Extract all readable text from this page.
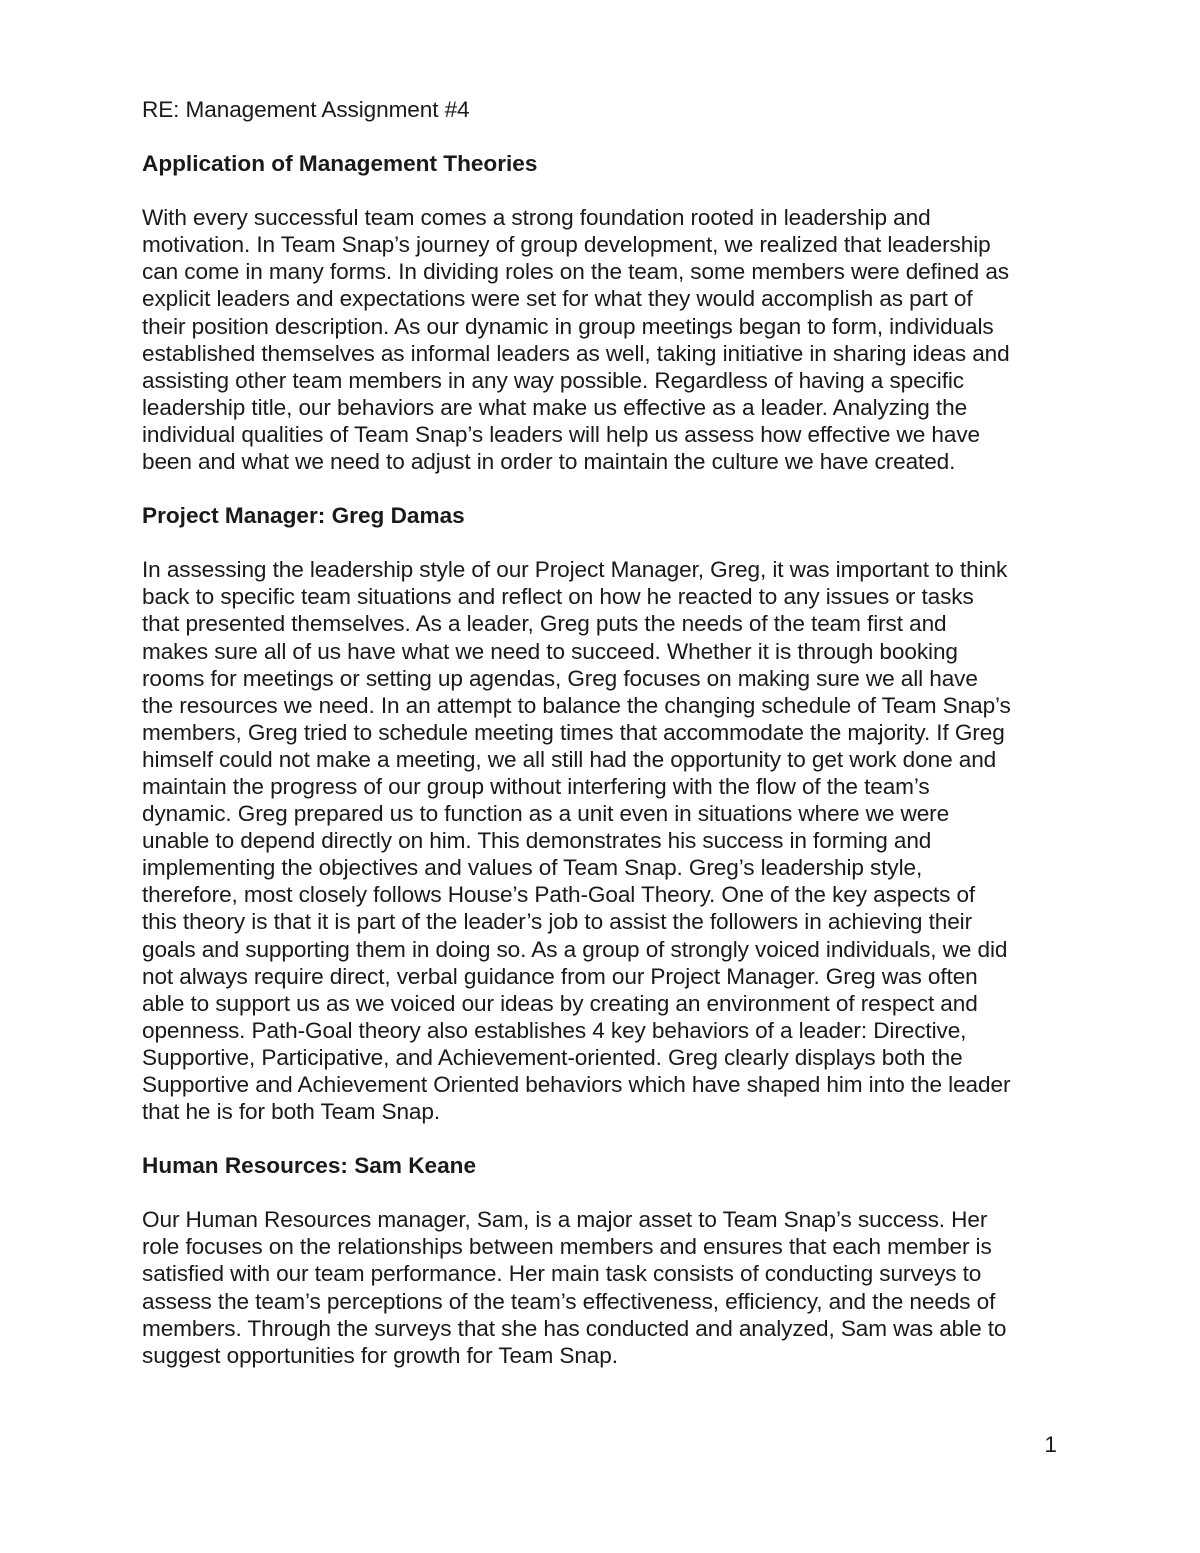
RE: Management Assignment #4
Application of Management Theories
With every successful team comes a strong foundation rooted in leadership and
motivation. In Team Snap’s journey of group development, we realized that leadership
can come in many forms. In dividing roles on the team, some members were defined as
explicit leaders and expectations were set for what they would accomplish as part of
their position description. As our dynamic in group meetings began to form, individuals
established themselves as informal leaders as well, taking initiative in sharing ideas and
assisting other team members in any way possible. Regardless of having a specific
leadership title, our behaviors are what make us effective as a leader. Analyzing the
individual qualities of Team Snap’s leaders will help us assess how effective we have
been and what we need to adjust in order to maintain the culture we have created.
Project Manager: Greg Damas
In assessing the leadership style of our Project Manager, Greg, it was important to think
back to specific team situations and reflect on how he reacted to any issues or tasks
that presented themselves. As a leader, Greg puts the needs of the team first and
makes sure all of us have what we need to succeed. Whether it is through booking
rooms for meetings or setting up agendas, Greg focuses on making sure we all have
the resources we need. In an attempt to balance the changing schedule of Team Snap’s
members, Greg tried to schedule meeting times that accommodate the majority. If Greg
himself could not make a meeting, we all still had the opportunity to get work done and
maintain the progress of our group without interfering with the flow of the team’s
dynamic. Greg prepared us to function as a unit even in situations where we were
unable to depend directly on him. This demonstrates his success in forming and
implementing the objectives and values of Team Snap. Greg’s leadership style,
therefore, most closely follows House’s Path-Goal Theory. One of the key aspects of
this theory is that it is part of the leader’s job to assist the followers in achieving their
goals and supporting them in doing so. As a group of strongly voiced individuals, we did
not always require direct, verbal guidance from our Project Manager. Greg was often
able to support us as we voiced our ideas by creating an environment of respect and
openness. Path-Goal theory also establishes 4 key behaviors of a leader: Directive,
Supportive, Participative, and Achievement-oriented. Greg clearly displays both the
Supportive and Achievement Oriented behaviors which have shaped him into the leader
that he is for both Team Snap.
Human Resources: Sam Keane
Our Human Resources manager, Sam, is a major asset to Team Snap’s success. Her
role focuses on the relationships between members and ensures that each member is
satisfied with our team performance. Her main task consists of conducting surveys to
assess the team’s perceptions of the team’s effectiveness, efficiency, and the needs of
members. Through the surveys that she has conducted and analyzed, Sam was able to
suggest opportunities for growth for Team Snap.
1
